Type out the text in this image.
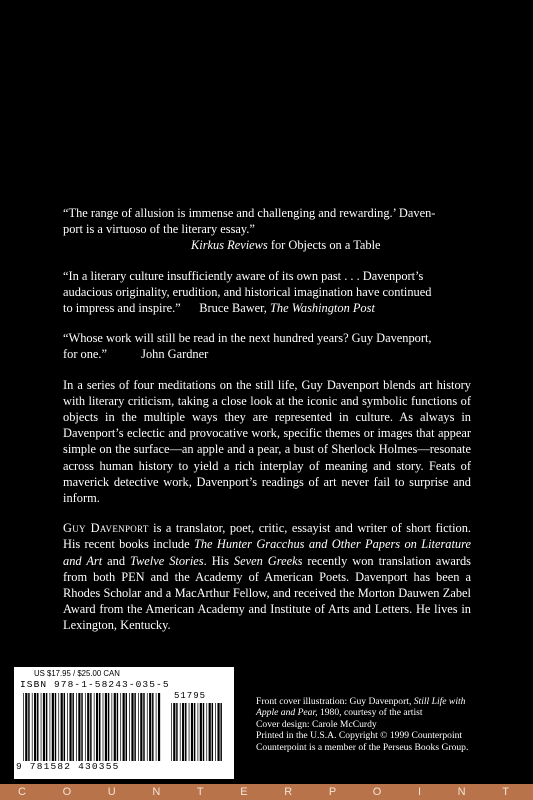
“The range of allusion is immense and challenging and rewarding.’ Daven-
port is a virtuoso of the literary essay.”
Kirkus Reviews for Objects on a Table
“In a literary culture insufficiently aware of its own past . . . Davenport’s
audacious originality, erudition, and historical imagination have continued
to impress and inspire.” Bruce Bawer, The Washington Post
“Whose work will still be read in the next hundred years? Guy Davenport,
for one.”	John Gardner
In a series of four meditations on the still life, Guy Davenport blends art history with literary criticism, taking a close look at the iconic and symbolic functions of objects in the multiple ways they are represented in culture. As always in Davenport’s eclectic and provocative work, specific themes or images that appear simple on the surface—an apple and a pear, a bust of Sherlock Holmes—resonate across human history to yield a rich interplay of meaning and story. Feats of maverick detective work, Davenport’s readings of art never fail to surprise and inform.
Guy Davenport is a translator, poet, critic, essayist and writer of short fiction. His recent books include The Hunter Gracchus and Other Papers on Literature and Art and Twelve Stories. His Seven Greeks recently won translation awards from both PEN and the Academy of American Poets. Davenport has been a Rhodes Scholar and a MacArthur Fellow, and received the Morton Dauwen Zabel Award from the American Academy and Institute of Arts and Letters. He lives in Lexington, Kentucky.
US $17.95 / $25.00 CAN
ISBN 978-1-58243-035-5
9 781582 430355
51795	Front cover illustration: Guy Davenport, Still Life with
Apple and Pear, 1980, courtesy of the artist
Cover design: Carole McCurdy
Printed in the U.S.A. Copyright © 1999 Counterpoint
Counterpoint is a member of the Perseus Books Group.
C	O	U	N	T	E	R	P	O	I	N	T
